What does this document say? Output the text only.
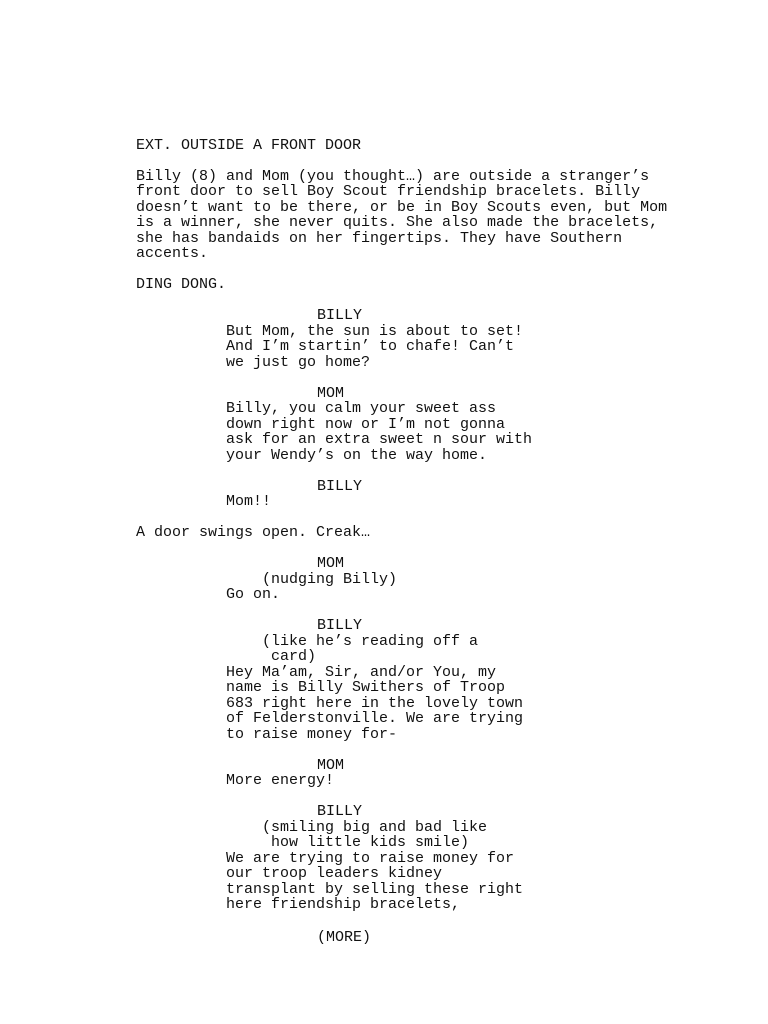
EXT. OUTSIDE A FRONT DOOR
Billy (8) and Mom (you thought…) are outside a stranger’s
front door to sell Boy Scout friendship bracelets. Billy
doesn’t want to be there, or be in Boy Scouts even, but Mom
is a winner, she never quits. She also made the bracelets,
she has bandaids on her fingertips. They have Southern
accents.
DING DONG.
BILLY
But Mom, the sun is about to set!
And I’m startin’ to chafe! Can’t
we just go home?
MOM
Billy, you calm your sweet ass
down right now or I’m not gonna
ask for an extra sweet n sour with
your Wendy’s on the way home.
BILLY
Mom!!
A door swings open. Creak…
MOM
(nudging Billy)
Go on.
BILLY
(like he’s reading off a
card)
Hey Ma’am, Sir, and/or You, my
name is Billy Swithers of Troop
683 right here in the lovely town
of Felderstonville. We are trying
to raise money for-
MOM
More energy!
BILLY
(smiling big and bad like
how little kids smile)
We are trying to raise money for
our troop leaders kidney
transplant by selling these right
here friendship bracelets,
(MORE)
